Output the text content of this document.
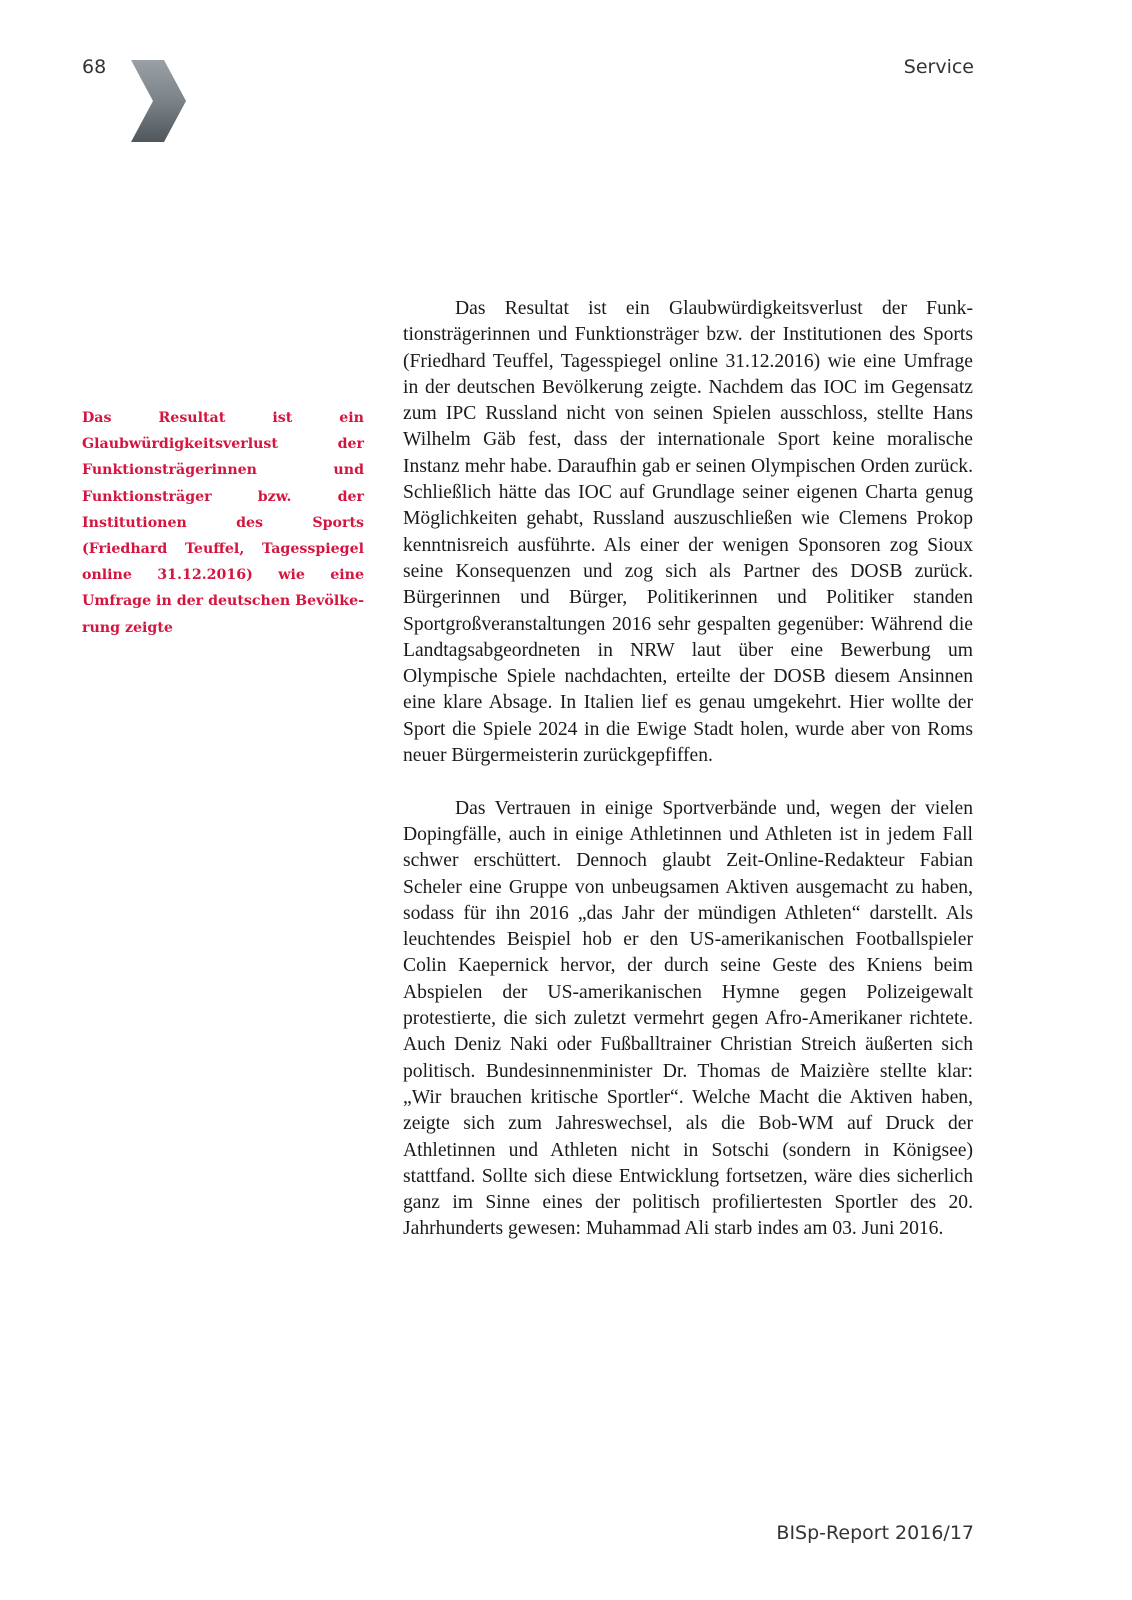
68	Service
Das Resultat ist ein Glaubwürdigkeitsverlust der Funktionsträgerinnen und Funktionsträger bzw. der Institutionen des Sports (Friedhard Teuffel, Tagesspiegel online 31.12.2016) wie eine Umfrage in der deutschen Bevölkerung zeigte

Das Resultat ist ein Glaubwürdigkeitsverlust der Funktionsträgerinnen und Funktionsträger bzw. der Institutionen des Sports (Friedhard Teuffel, Tagesspiegel online 31.12.2016) wie eine Umfrage in der deutschen Bevölkerung zeigte. Nachdem das IOC im Gegensatz zum IPC Russland nicht von seinen Spielen ausschloss, stellte Hans Wilhelm Gäb fest, dass der internationale Sport keine moralische Instanz mehr habe. Daraufhin gab er seinen Olympischen Orden zurück. Schließlich hätte das IOC auf Grundlage seiner eigenen Charta genug Möglichkeiten gehabt, Russland auszuschließen wie Clemens Prokop kenntnisreich ausführte. Als einer der wenigen Sponsoren zog Sioux seine Konsequenzen und zog sich als Partner des DOSB zurück. Bürgerinnen und Bürger, Politikerinnen und Politiker standen Sportgroßveranstaltungen 2016 sehr gespalten gegenüber: Während die Landtagsabgeordneten in NRW laut über eine Bewerbung um Olympische Spiele nachdachten, erteilte der DOSB diesem Ansinnen eine klare Absage. In Italien lief es genau umgekehrt. Hier wollte der Sport die Spiele 2024 in die Ewige Stadt holen, wurde aber von Roms neuer Bürgermeisterin zurückgepfiffen.

Das Vertrauen in einige Sportverbände und, wegen der vielen Dopingfälle, auch in einige Athletinnen und Athleten ist in jedem Fall schwer erschüttert. Dennoch glaubt Zeit-Online-Redakteur Fabian Scheler eine Gruppe von unbeugsamen Aktiven ausgemacht zu haben, sodass für ihn 2016 „das Jahr der mündigen Athleten“ darstellt. Als leuchtendes Beispiel hob er den US-amerikanischen Footballspieler Colin Kaepernick hervor, der durch seine Geste des Kniens beim Abspielen der US-amerikanischen Hymne gegen Polizeigewalt protestierte, die sich zuletzt vermehrt gegen Afro-Amerikaner richtete. Auch Deniz Naki oder Fußballtrainer Christian Streich äußerten sich politisch. Bundesinnenminister Dr. Thomas de Maizière stellte klar: „Wir brauchen kritische Sportler“. Welche Macht die Aktiven haben, zeigte sich zum Jahreswechsel, als die Bob-WM auf Druck der Athletinnen und Athleten nicht in Sotschi (sondern in Königsee) stattfand. Sollte sich diese Entwicklung fortsetzen, wäre dies sicherlich ganz im Sinne eines der politisch profiliertesten Sportler des 20. Jahrhunderts gewesen: Muhammad Ali starb indes am 03. Juni 2016.

BISp-Report 2016/17
